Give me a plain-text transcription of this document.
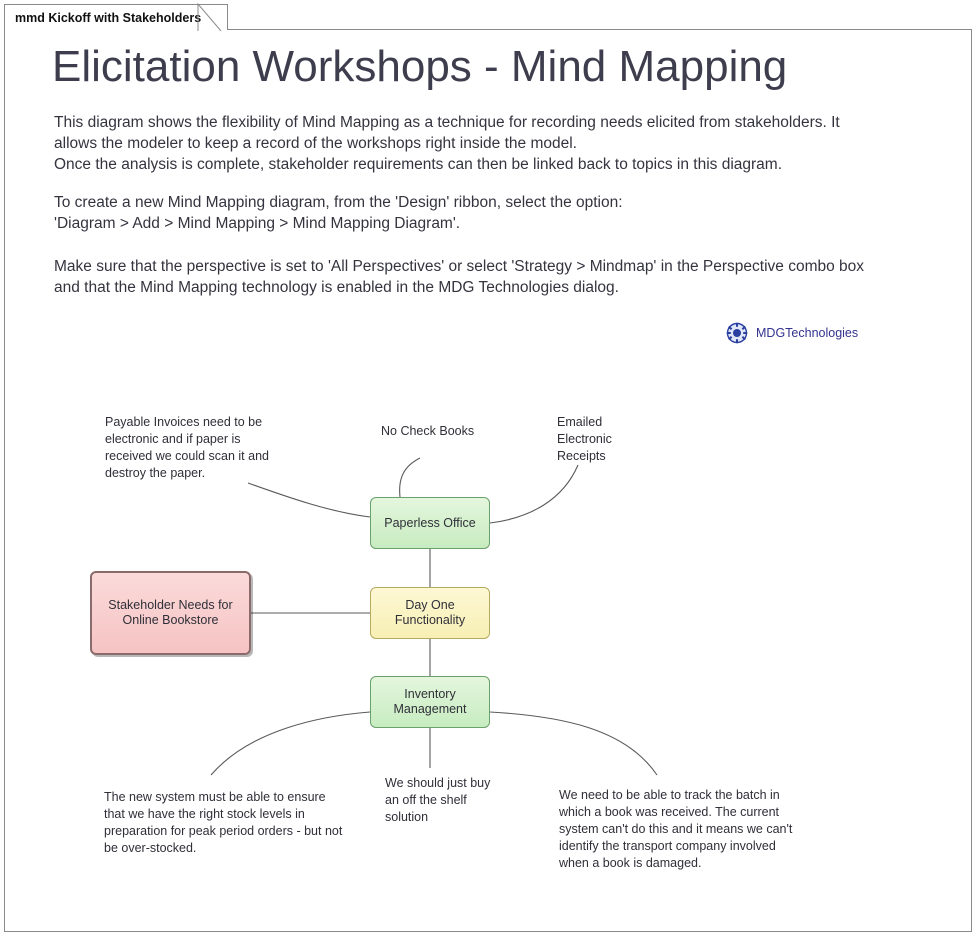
mmd Kickoff with Stakeholders
Elicitation Workshops - Mind Mapping
This diagram shows the flexibility of Mind Mapping as a technique for recording needs elicited from stakeholders. It
allows the modeler to keep a record of the workshops right inside the model.
Once the analysis is complete, stakeholder requirements can then be linked back to topics in this diagram.
To create a new Mind Mapping diagram, from the 'Design' ribbon, select the option:
'Diagram > Add > Mind Mapping > Mind Mapping Diagram'.
Make sure that the perspective is set to 'All Perspectives' or select 'Strategy > Mindmap' in the Perspective combo box
and that the Mind Mapping technology is enabled in the MDG Technologies dialog.
MDGTechnologies
Stakeholder Needs for Online Bookstore
Paperless Office
Day One Functionality
Inventory Management
Payable Invoices need to be electronic and if paper is received we could scan it and destroy the paper.
No Check Books
Emailed Electronic Receipts
The new system must be able to ensure that we have the right stock levels in preparation for peak period orders - but not be over-stocked.
We should just buy an off the shelf solution
We need to be able to track the batch in which a book was received. The current system can't do this and it means we can't identify the transport company involved when a book is damaged.
